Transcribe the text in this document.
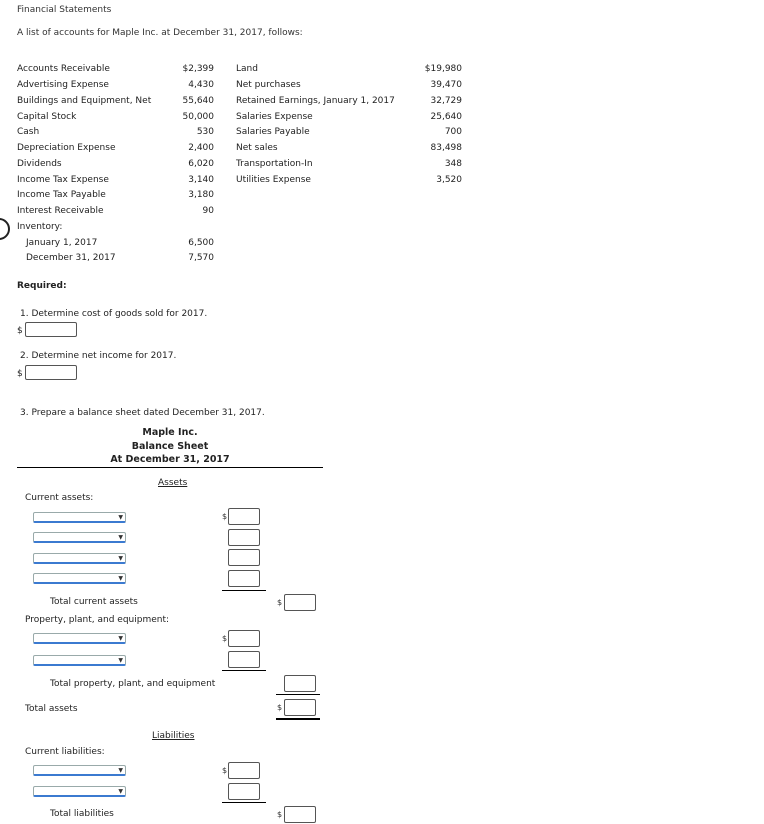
Financial Statements
A list of accounts for Maple Inc. at December 31, 2017, follows:
Accounts Receivable	$2,399
Advertising Expense	4,430
Buildings and Equipment, Net	55,640
Capital Stock	50,000
Cash	530
Depreciation Expense	2,400
Dividends	6,020
Income Tax Expense	3,140
Income Tax Payable	3,180
Interest Receivable	90
Inventory:
January 1, 2017	6,500
December 31, 2017	7,570
Land	$19,980
Net purchases	39,470
Retained Earnings, January 1, 2017	32,729
Salaries Expense	25,640
Salaries Payable	700
Net sales	83,498
Transportation-In	348
Utilities Expense	3,520
Required:
1. Determine cost of goods sold for 2017.
$
2. Determine net income for 2017.
$
3. Prepare a balance sheet dated December 31, 2017.
Maple Inc.
Balance Sheet
At December 31, 2017
Assets
Current assets:
▼
▼
▼
▼
$
Total current assets	$
Property, plant, and equipment:
▼
▼
$
Total property, plant, and equipment
Total assets	$
Liabilities
Current liabilities:
▼
▼
$
Total liabilities	$
